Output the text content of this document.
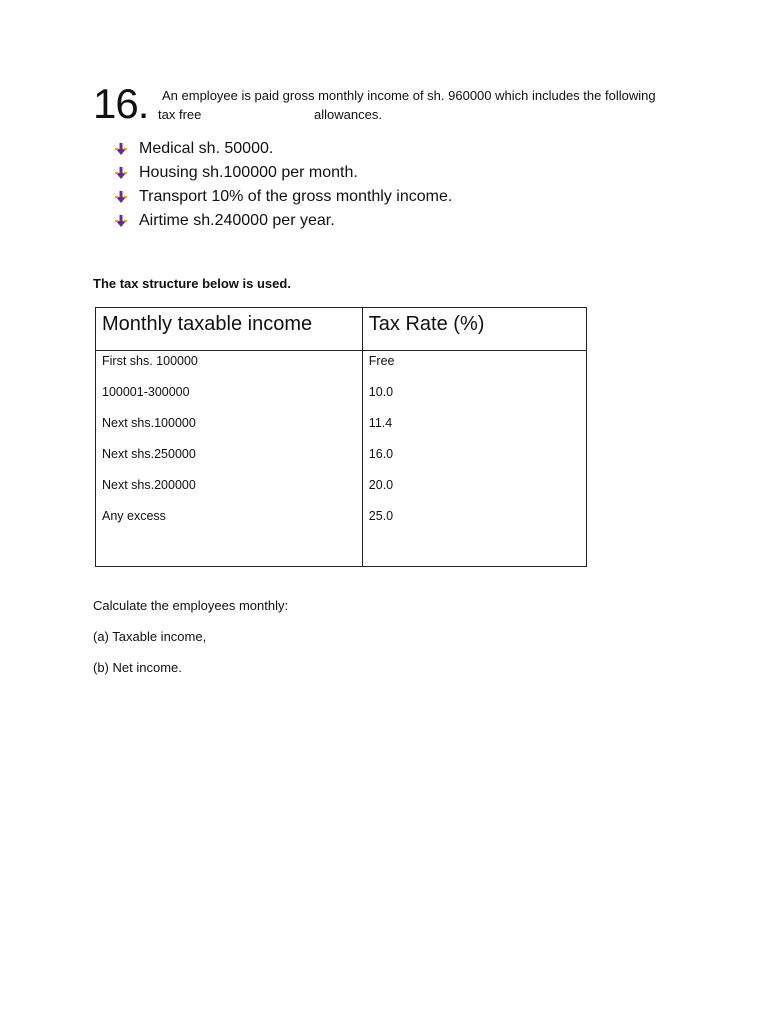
16. An employee is paid gross monthly income of sh. 960000 which includes the following
tax free	allowances.
Medical sh. 50000.
Housing sh.100000 per month.
Transport 10% of the gross monthly income.
Airtime sh.240000 per year.
The tax structure below is used.
Monthly taxable income	Tax Rate (%)
First shs. 100000	Free
100001-300000	10.0
Next shs.100000	11.4
Next shs.250000	16.0
Next shs.200000	20.0
Any excess	25.0

Calculate the employees monthly:
(a) Taxable income,
(b) Net income.
